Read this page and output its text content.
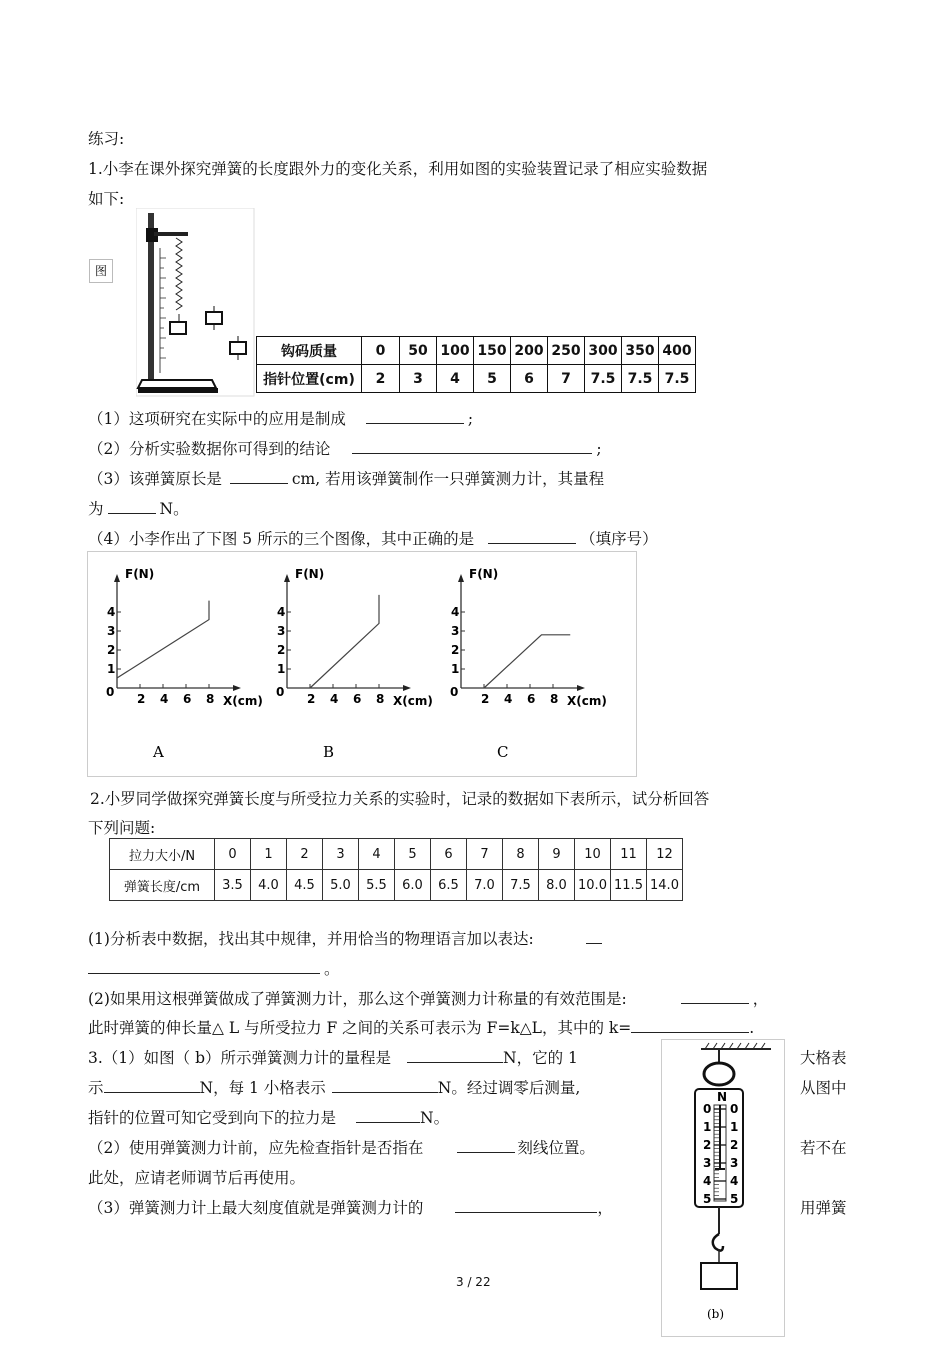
练习:
1.小李在课外探究弹簧的长度跟外力的变化关系，利用如图的实验装置记录了相应实验数据
如下:
图
钩码质量	0	50	100	150	200	250	300	350	400
指针位置(cm)	2	3	4	5	6	7	7.5	7.5	7.5
（1）这项研究在实际中的应用是制成	;
（2）分析实验数据你可得到的结论	;
（3）该弹簧原长是	cm, 若用该弹簧制作一只弹簧测力计，其量程
为	N。
（4）小李作出了下图 5 所示的三个图像，其中正确的是	（填序号）
F(N)
X(cm)
0
1
2
3
4
2 4 6 8
A
F(N)
X(cm)
0
1
2
3
4
2 4 6 8
B
F(N)
X(cm)
0
1
2
3
4
2 4 6 8
C
2.小罗同学做探究弹簧长度与所受拉力关系的实验时，记录的数据如下表所示，试分析回答
下列问题:
拉力大小/N	0	1	2	3	4	5	6	7	8	9	10	11	12
弹簧长度/cm	3.5	4.0	4.5	5.0	5.5	6.0	6.5	7.0	7.5	8.0	10.0	11.5	14.0
(1)分析表中数据，找出其中规律，并用恰当的物理语言加以表达:
。
(2)如果用这根弹簧做成了弹簧测力计，那么这个弹簧测力计称量的有效范围是:	，
此时弹簧的伸长量△ L 与所受拉力 F 之间的关系可表示为 F=k△L，其中的 k=	.
3.（1）如图（ b）所示弹簧测力计的量程是	N，它的 1	大格表
示	N，每 1 小格表示	N。经过调零后测量,	从图中
指针的位置可知它受到向下的拉力是	N。
（2）使用弹簧测力计前，应先检查指针是否指在	刻线位置。	若不在
此处，应请老师调节后再使用。
（3）弹簧测力计上最大刻度值就是弹簧测力计的	，	用弹簧
N
0 0
1 1
2 2
3 3
4 4
5 5
(b)
3 / 22
